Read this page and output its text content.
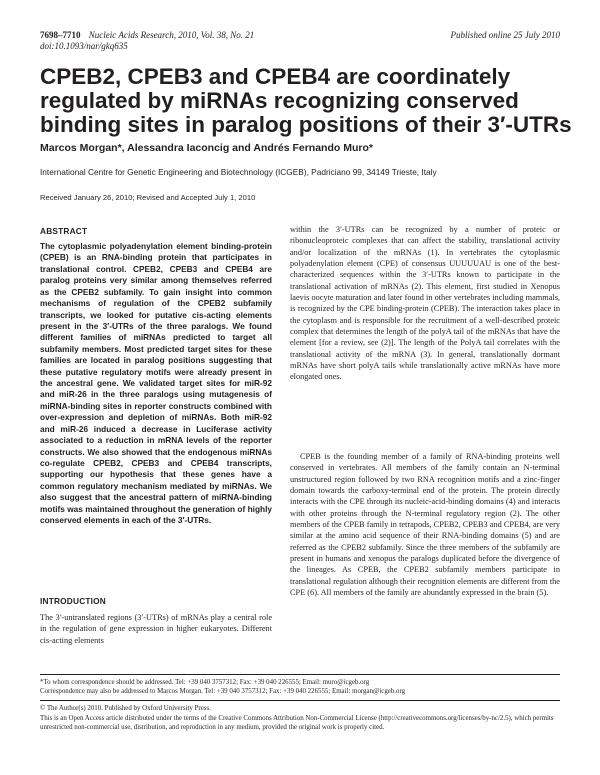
7698–7710 Nucleic Acids Research, 2010, Vol. 38, No. 21
doi:10.1093/nar/gkq635
Published online 25 July 2010
CPEB2, CPEB3 and CPEB4 are coordinately regulated by miRNAs recognizing conserved binding sites in paralog positions of their 3′-UTRs
Marcos Morgan*, Alessandra Iaconcig and Andrés Fernando Muro*
International Centre for Genetic Engineering and Biotechnology (ICGEB), Padriciano 99, 34149 Trieste, Italy
Received January 26, 2010; Revised and Accepted July 1, 2010
ABSTRACT

The cytoplasmic polyadenylation element binding-protein (CPEB) is an RNA-binding protein that participates in translational control. CPEB2, CPEB3 and CPEB4 are paralog proteins very similar among themselves referred as the CPEB2 subfamily. To gain insight into common mechanisms of regulation of the CPEB2 subfamily transcripts, we looked for putative cis-acting elements present in the 3′-UTRs of the three paralogs. We found different families of miRNAs predicted to target all subfamily members. Most predicted target sites for these families are located in paralog positions suggesting that these putative regulatory motifs were already present in the ancestral gene. We validated target sites for miR-92 and miR-26 in the three paralogs using mutagenesis of miRNA-binding sites in reporter constructs combined with over-expression and depletion of miRNAs. Both miR-92 and miR-26 induced a decrease in Luciferase activity associated to a reduction in mRNA levels of the reporter constructs. We also showed that the endogenous miRNAs co-regulate CPEB2, CPEB3 and CPEB4 transcripts, supporting our hypothesis that these genes have a common regulatory mechanism mediated by miRNAs. We also suggest that the ancestral pattern of miRNA-binding motifs was maintained throughout the generation of highly conserved elements in each of the 3′-UTRs.

INTRODUCTION

The 3′-untranslated regions (3′-UTRs) of mRNAs play a central role in the regulation of gene expression in higher eukaryotes. Different cis-acting elements

within the 3′-UTRs can be recognized by a number of proteic or ribonucleoproteic complexes that can affect the stability, translational activity and/or localization of the mRNAs (1). In vertebrates the cytoplasmic polyadenylation element (CPE) of consensus UUUUUAU is one of the best-characterized sequences within the 3′-UTRs known to participate in the translational activation of mRNAs (2). This element, first studied in Xenopus laevis oocyte maturation and later found in other vertebrates including mammals, is recognized by the CPE binding-protein (CPEB). The interaction takes place in the cytoplasm and is responsible for the recruitment of a well-described proteic complex that determines the length of the polyA tail of the mRNAs that have the element [for a review, see (2)]. The length of the PolyA tail correlates with the translational activity of the mRNA (3). In general, translationally dormant mRNAs have short polyA tails while translationally active mRNAs have more elongated ones.

CPEB is the founding member of a family of RNA-binding proteins well conserved in vertebrates. All members of the family contain an N-terminal unstructured region followed by two RNA recognition motifs and a zinc-finger domain towards the carboxy-terminal end of the protein. The protein directly interacts with the CPE through its nucleic-acid-binding domains (4) and interacts with other proteins through the N-terminal regulatory region (2). The other members of the CPEB family in tetrapods, CPEB2, CPEB3 and CPEB4, are very similar at the amino acid sequence of their RNA-binding domains (5) and are referred as the CPEB2 subfamily. Since the three members of the subfamily are present in humans and xenopus the paralogs duplicated before the divergence of the lineages. As CPEB, the CPEB2 subfamily members participate in translational regulation although their recognition elements are different from the CPE (6). All members of the family are abundantly expressed in the brain (5).

*To whom correspondence should be addressed. Tel: +39 040 3757312; Fax: +39 040 226555; Email: muro@icgeb.org
Correspondence may also be addressed to Marcos Morgan. Tel: +39 040 3757312; Fax: +39 040 226555; Email: morgan@icgeb.org
© The Author(s) 2010. Published by Oxford University Press.
This is an Open Access article distributed under the terms of the Creative Commons Attribution Non-Commercial License (http://creativecommons.org/licenses/by-nc/2.5), which permits unrestricted non-commercial use, distribution, and reproduction in any medium, provided the original work is properly cited.
